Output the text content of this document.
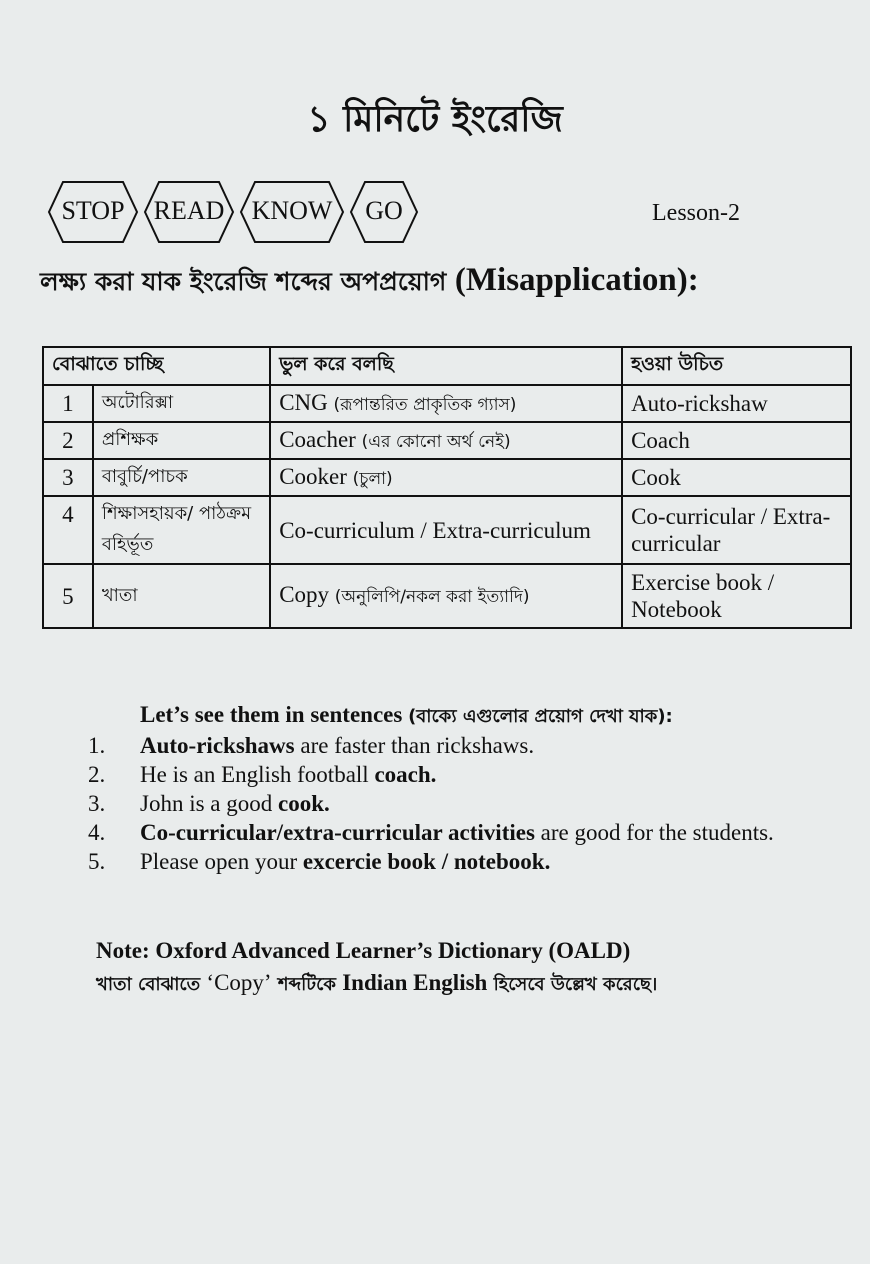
১ মিনিটে ইংরেজি
STOP	READ	KNOW	GO	Lesson-2
লক্ষ্য করা যাক ইংরেজি শব্দের অপপ্রয়োগ (Misapplication):
বোঝাতে চাচ্ছি		ভুল করে বলছি	হওয়া উচিত
1	অটোরিক্সা	CNG (রূপান্তরিত প্রাকৃতিক গ্যাস)	Auto-rickshaw
2	প্রশিক্ষক	Coacher (এর কোনো অর্থ নেই)	Coach
3	বাবুর্চি/পাচক	Cooker (চুলা)	Cook
4	শিক্ষাসহায়ক/ পাঠক্রম বহির্ভূত	Co-curriculum / Extra-curriculum	Co-curricular / Extra-curricular
5	খাতা	Copy (অনুলিপি/নকল করা ইত্যাদি)	Exercise book / Notebook
Let’s see them in sentences (বাক্যে এগুলোর প্রয়োগ দেখা যাক):
1. Auto-rickshaws are faster than rickshaws.
2. He is an English football coach.
3. John is a good cook.
4. Co-curricular/extra-curricular activities are good for the students.
5. Please open your excercie book / notebook.
Note: Oxford Advanced Learner’s Dictionary (OALD)
খাতা বোঝাতে ‘Copy’ শব্দটিকে Indian English হিসেবে উল্লেখ করেছে।
